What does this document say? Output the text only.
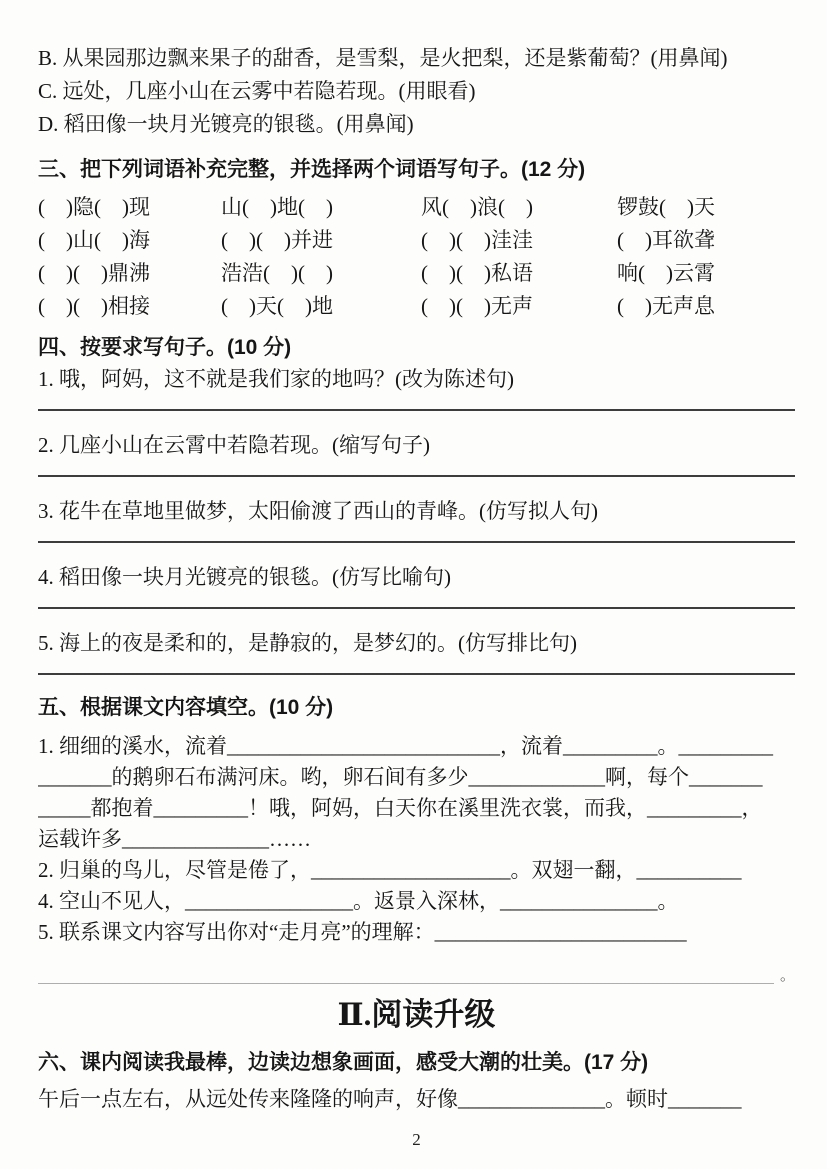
B. 从果园那边飘来果子的甜香，是雪梨，是火把梨，还是紫葡萄？(用鼻闻)

C. 远处，几座小山在云雾中若隐若现。(用眼看)

D. 稻田像一块月光镀亮的银毯。(用鼻闻)

三、把下列词语补充完整，并选择两个词语写句子。(12 分)

(　)隐(　)现	山(　)地(　)	风(　)浪(　)	锣鼓(　)天
(　)山(　)海	(　)(　)并进	(　)(　)洼洼	(　)耳欲聋
(　)(　)鼎沸	浩浩(　)(　)	(　)(　)私语	响(　)云霄
(　)(　)相接	(　)天(　)地	(　)(　)无声	(　)无声息

四、按要求写句子。(10 分)

1. 哦，阿妈，这不就是我们家的地吗？(改为陈述句)

2. 几座小山在云霄中若隐若现。(缩写句子)

3. 花牛在草地里做梦，太阳偷渡了西山的青峰。(仿写拟人句)

4. 稻田像一块月光镀亮的银毯。(仿写比喻句)

5. 海上的夜是柔和的，是静寂的，是梦幻的。(仿写排比句)

五、根据课文内容填空。(10 分)

1. 细细的溪水，流着__________________________，流着_________。_________

_______的鹅卵石布满河床。哟，卵石间有多少_____________啊，每个_______

_____都抱着_________！哦，阿妈，白天你在溪里洗衣裳，而我，_________，

运载许多______________……

2. 归巢的鸟儿，尽管是倦了，___________________。双翅一翻，__________

4. 空山不见人，________________。返景入深林，_______________。

5. 联系课文内容写出你对“走月亮”的理解：________________________

。

Ⅱ.阅读升级

六、课内阅读我最棒，边读边想象画面，感受大潮的壮美。(17 分)

午后一点左右，从远处传来隆隆的响声，好像______________。顿时_______

2
